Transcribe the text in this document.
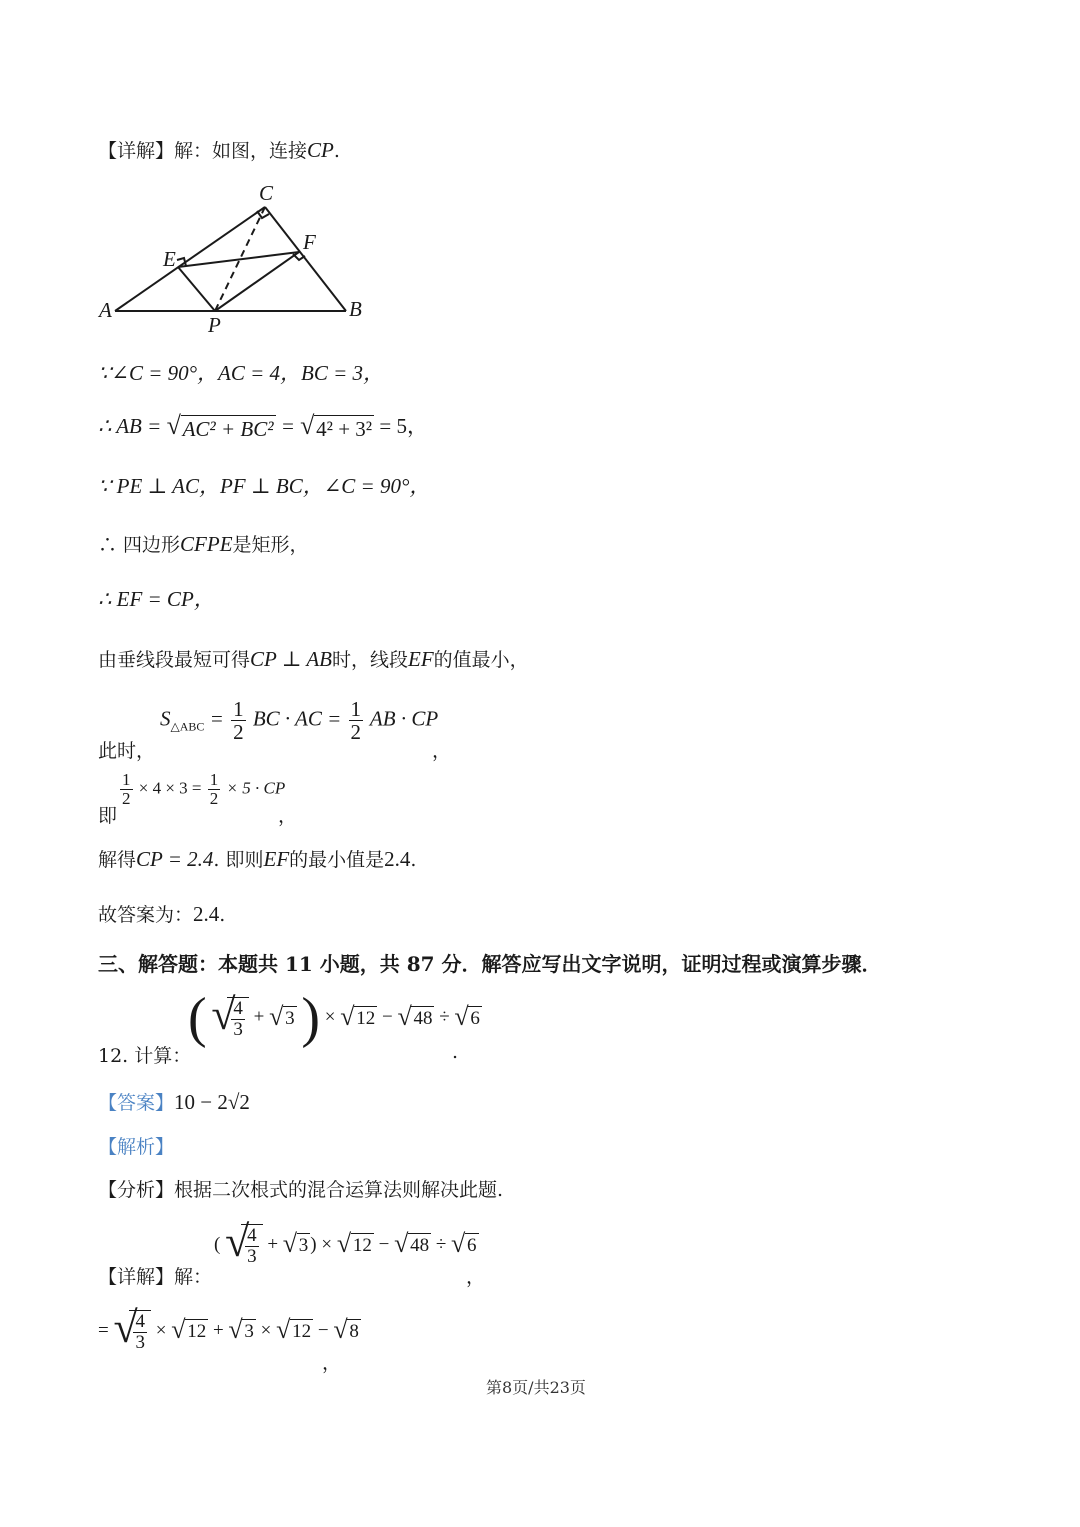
【详解】解：如图，连接CP.
A	B
C
E
F
P
∵∠C = 90°，AC = 4，BC = 3，
∴ AB = √ AC² + BC² = √ 4² + 3² = 5，
∵ PE ⊥ AC，PF ⊥ BC，∠C = 90°，
∴ 四边形CFPE是矩形，
∴ EF = CP，
由垂线段最短可得CP ⊥ AB时，线段EF的值最小，
此时，
$S_{\triangle ABC} = \frac{1}{2}$ BC · AC = $\frac{1}{2}$ AB · CP
，
即
$\frac{1}{2} \times 4 \times 3 = \frac{1}{2} \times 5$ · CP
，
解得CP = 2.4. 即则EF的最小值是2.4.
故答案为：2.4.
三、解答题：本题共 11 小题，共 87 分．解答应写出文字说明，证明过程或演算步骤．
12. 计算：
( √
$\frac{4}{3}$ + √ 3 ) × √ 12 − √ 48 ÷ √ 6
.
【答案】10 − 2√2
【解析】
【分析】根据二次根式的混合运算法则解决此题.
【详解】解：
( √
$\frac{4}{3}$ + √ 3 ) × √ 12 − √ 48 ÷ √ 6
，
= √
$\frac{4}{3}$ × √ 12 + √ 3 × √ 12 − √ 8
，
第8页/共23页
